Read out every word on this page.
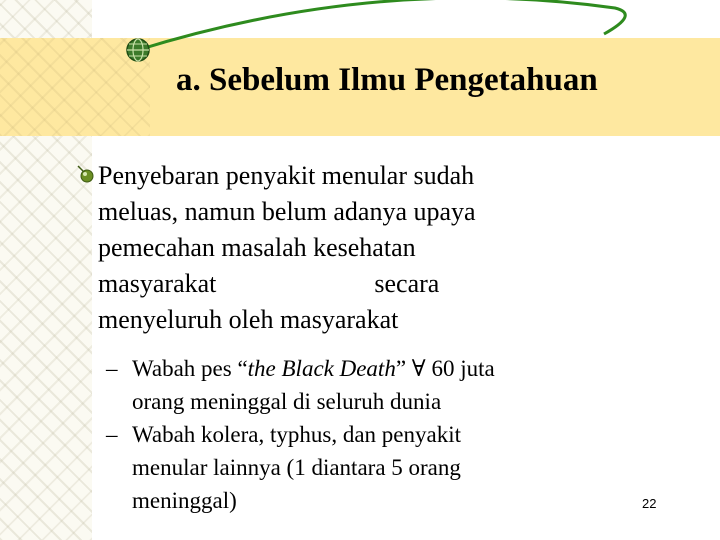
a. Sebelum Ilmu Pengetahuan
Penyebaran penyakit menular sudah
meluas, namun belum adanya upaya
pemecahan masalah kesehatan
masyarakat	secara
menyeluruh oleh masyarakat
– Wabah pes “the Black Death” ∀ 60 juta
orang meninggal di seluruh dunia
– Wabah kolera, typhus, dan penyakit
menular lainnya (1 diantara 5 orang
meninggal)	22
